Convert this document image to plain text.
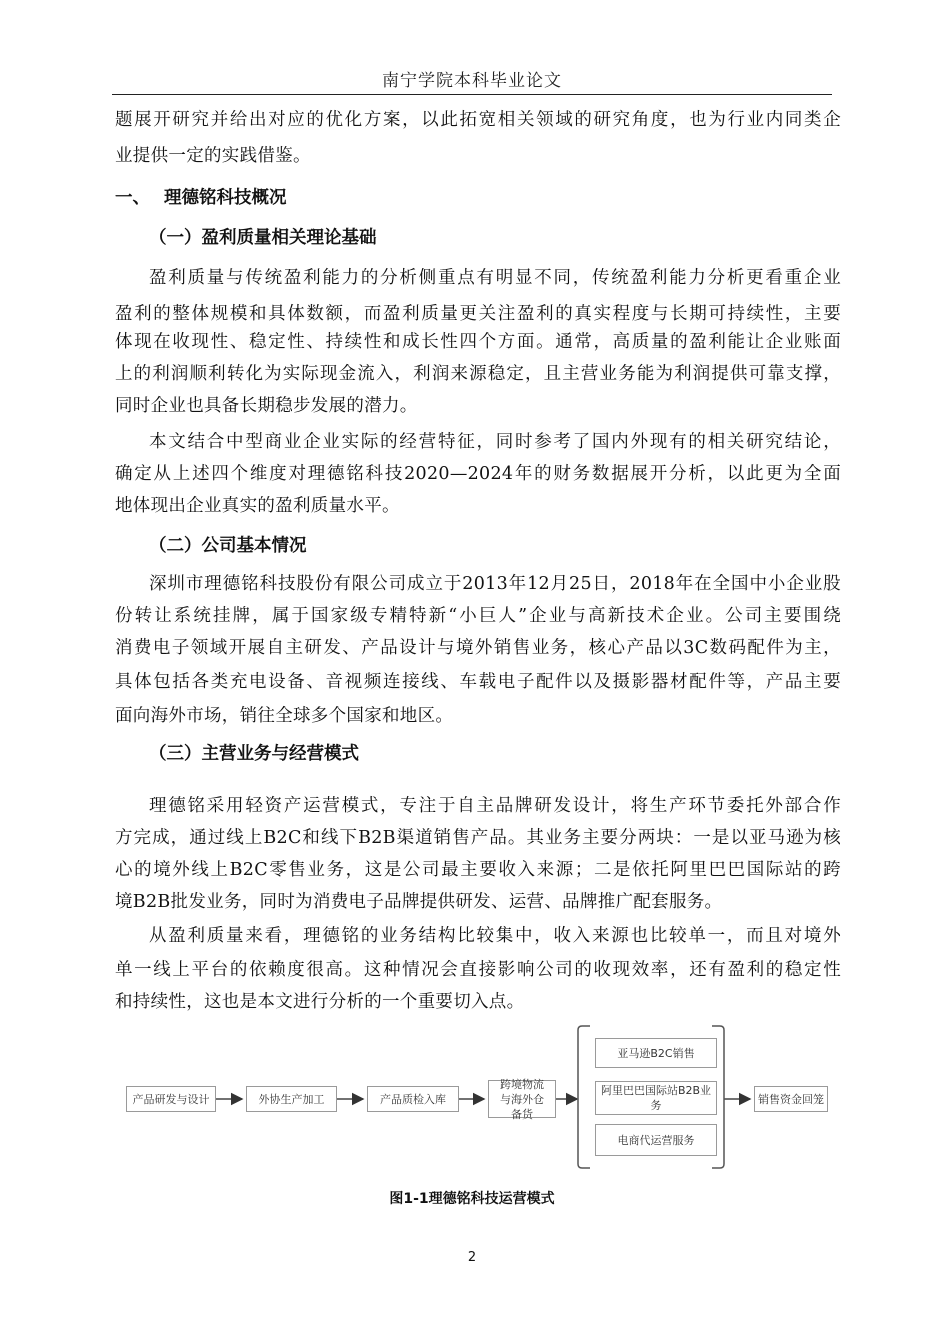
南宁学院本科毕业论文
题展开研究并给出对应的优化方案，以此拓宽相关领域的研究角度，也为行业内同类企
业提供一定的实践借鉴。
一、 理德铭科技概况
（一）盈利质量相关理论基础
盈利质量与传统盈利能力的分析侧重点有明显不同，传统盈利能力分析更看重企业
盈利的整体规模和具体数额，而盈利质量更关注盈利的真实程度与长期可持续性，主要
体现在收现性、稳定性、持续性和成长性四个方面。通常，高质量的盈利能让企业账面
上的利润顺利转化为实际现金流入，利润来源稳定，且主营业务能为利润提供可靠支撑，
同时企业也具备长期稳步发展的潜力。
本文结合中型商业企业实际的经营特征，同时参考了国内外现有的相关研究结论，
确定从上述四个维度对理德铭科技2020—2024年的财务数据展开分析，以此更为全面
地体现出企业真实的盈利质量水平。
（二）公司基本情况
深圳市理德铭科技股份有限公司成立于2013年12月25日，2018年在全国中小企业股
份转让系统挂牌，属于国家级专精特新“小巨人”企业与高新技术企业。公司主要围绕
消费电子领域开展自主研发、产品设计与境外销售业务，核心产品以3C数码配件为主，
具体包括各类充电设备、音视频连接线、车载电子配件以及摄影器材配件等，产品主要
面向海外市场，销往全球多个国家和地区。
（三）主营业务与经营模式
理德铭采用轻资产运营模式，专注于自主品牌研发设计，将生产环节委托外部合作
方完成，通过线上B2C和线下B2B渠道销售产品。其业务主要分两块：一是以亚马逊为核
心的境外线上B2C零售业务，这是公司最主要收入来源；二是依托阿里巴巴国际站的跨
境B2B批发业务，同时为消费电子品牌提供研发、运营、品牌推广配套服务。
从盈利质量来看，理德铭的业务结构比较集中，收入来源也比较单一，而且对境外
单一线上平台的依赖度很高。这种情况会直接影响公司的收现效率，还有盈利的稳定性
和持续性，这也是本文进行分析的一个重要切入点。
产品研发与设计	外协生产加工	产品质检入库
跨境物流与海外仓备货
亚马逊B2C销售
阿里巴巴国际站B2B业务
电商代运营服务
销售资金回笼
图1-1理德铭科技运营模式
2
